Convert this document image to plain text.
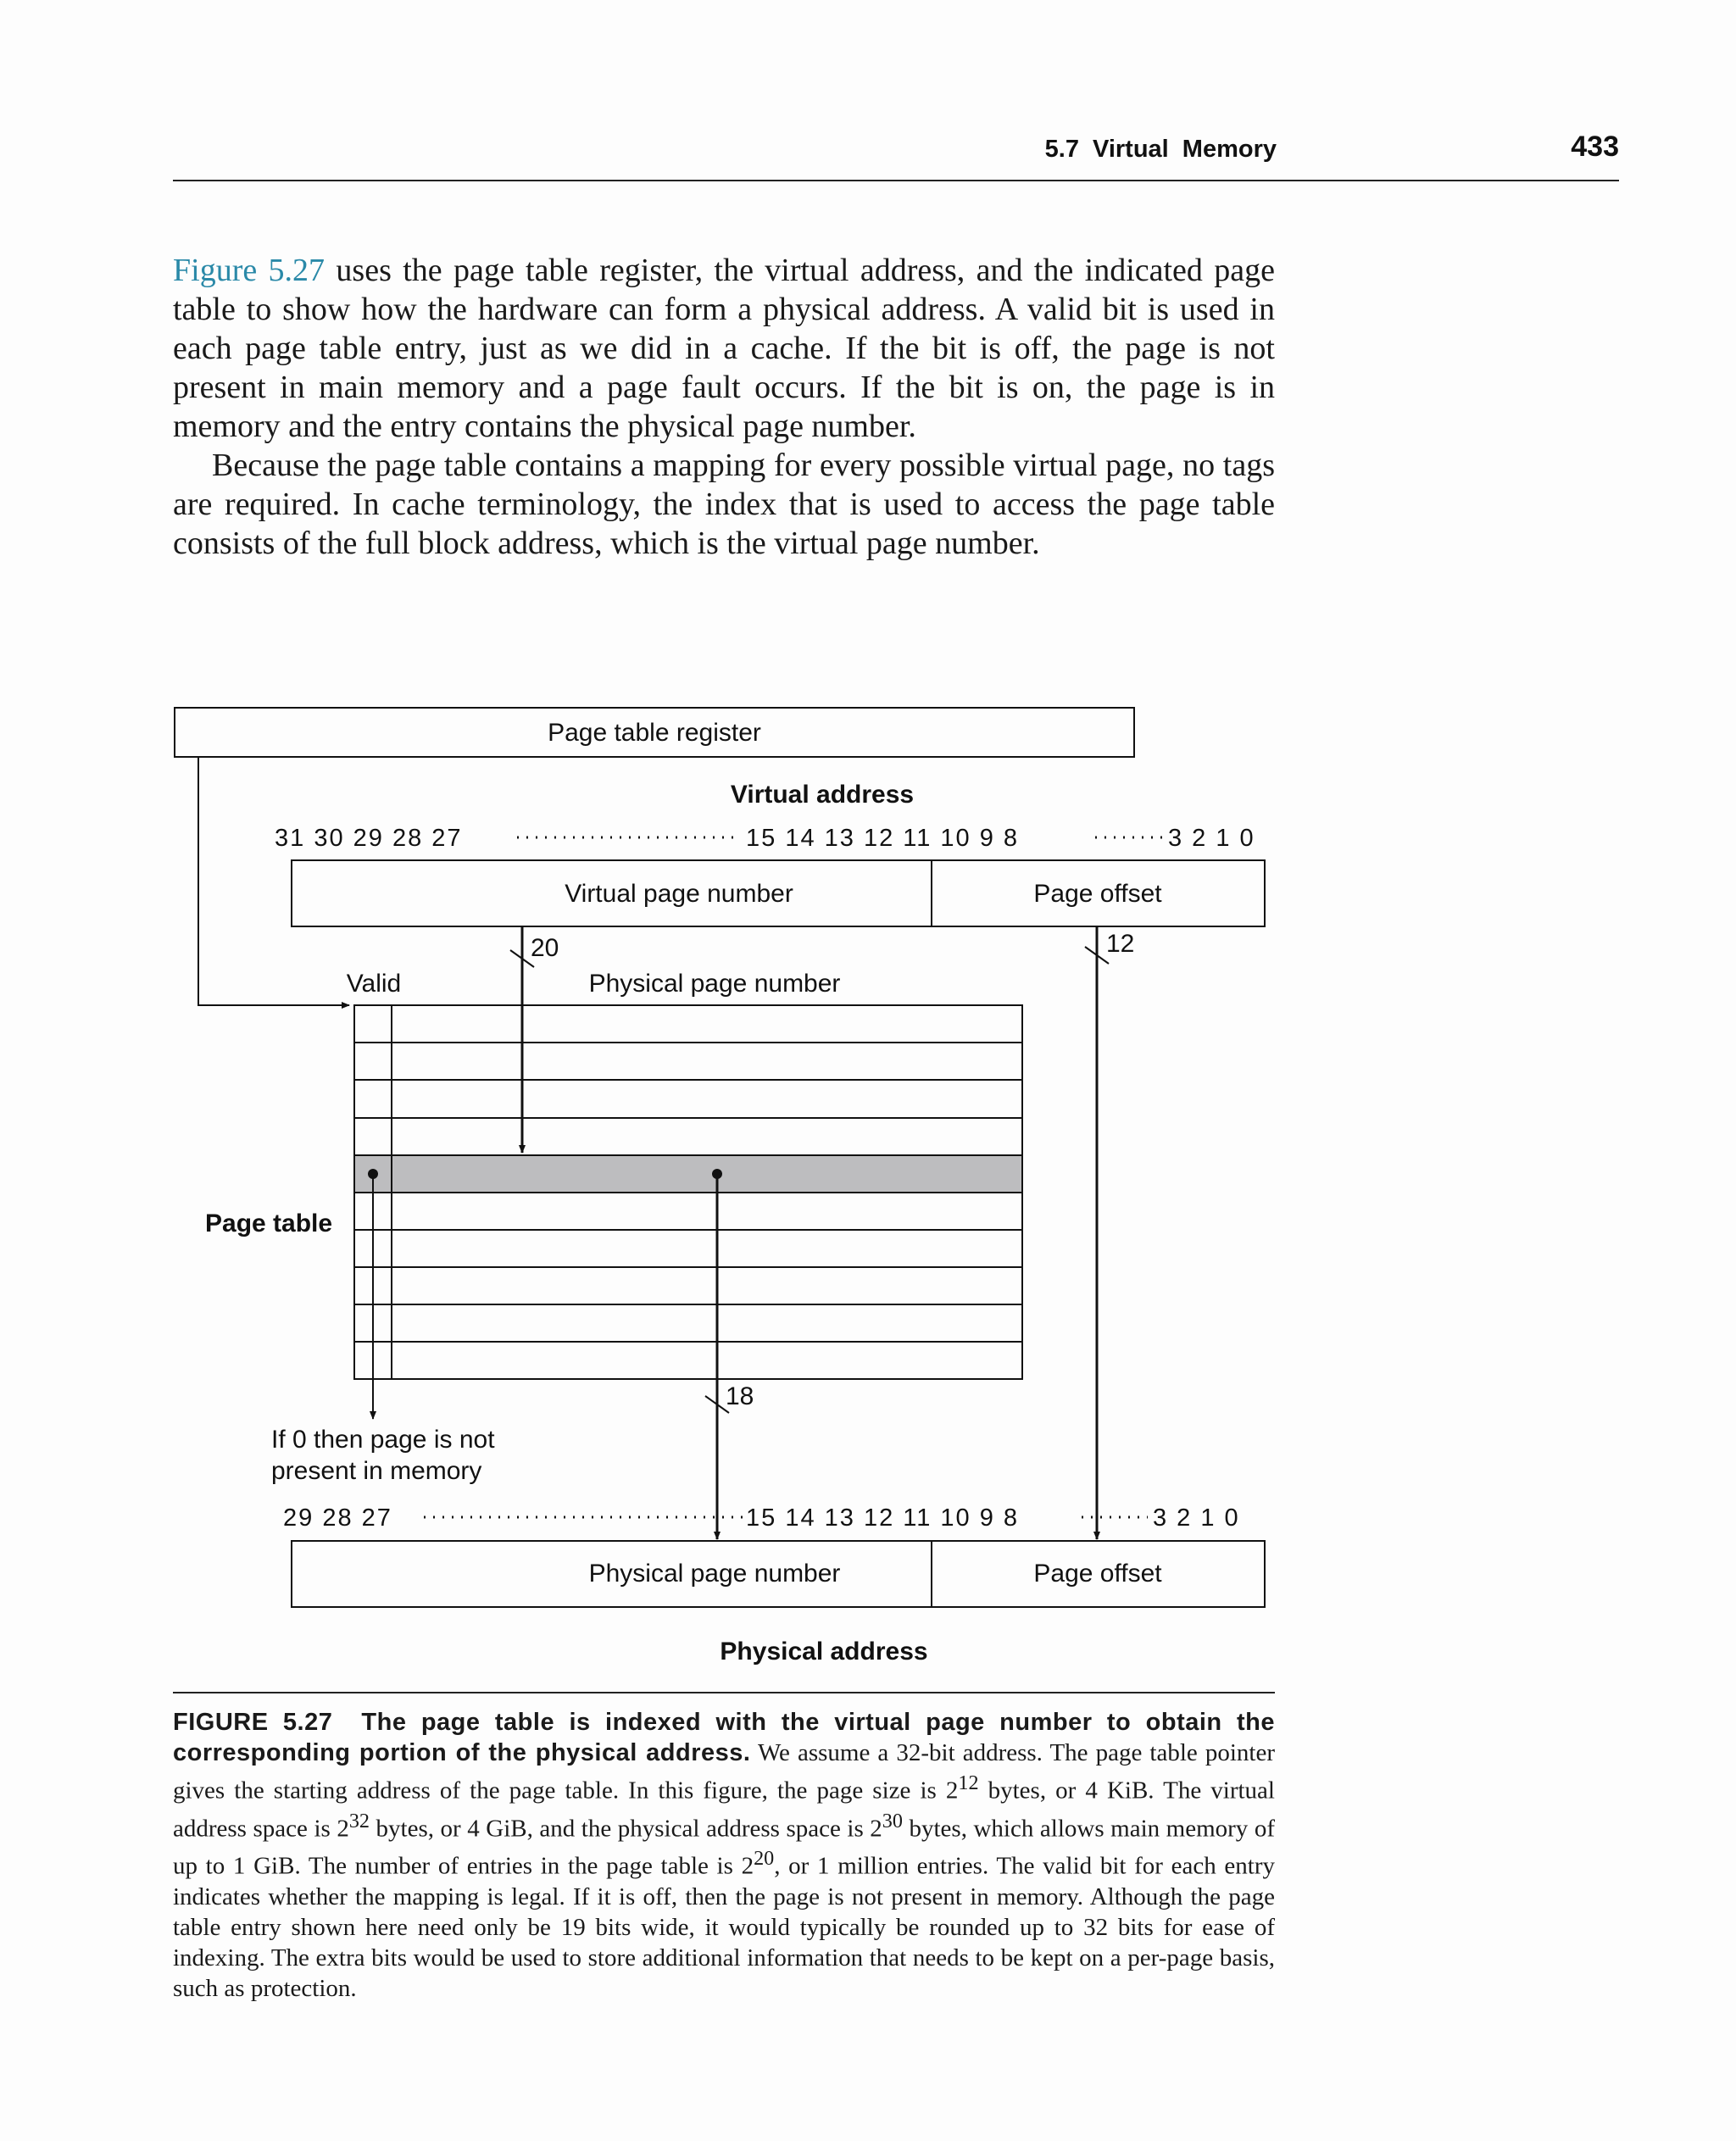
5.7 Virtual Memory	433

Figure 5.27 uses the page table register, the virtual address, and the indicated page table to show how the hardware can form a physical address. A valid bit is used in each page table entry, just as we did in a cache. If the bit is off, the page is not present in main memory and a page fault occurs. If the bit is on, the page is in memory and the entry contains the physical page number.

Because the page table contains a mapping for every possible virtual page, no tags are required. In cache terminology, the index that is used to access the page table consists of the full block address, which is the virtual page number.

Page table register
Virtual address
31 30 29 28 27	15 14 13 12 11 10 9 8	3 2 1 0
Virtual page number	Page offset
20	12
Valid	Physical page number
Page table
If 0 then page is not
present in memory
18
29 28 27	15 14 13 12 11 10 9 8	3 2 1 0
Physical page number	Page offset
Physical address
FIGURE 5.27 The page table is indexed with the virtual page number to obtain the corresponding portion of the physical address. We assume a 32-bit address. The page table pointer gives the starting address of the page table. In this figure, the page size is $2^{12}$ bytes, or 4 KiB. The virtual address space is $2^{32}$ bytes, or 4 GiB, and the physical address space is $2^{30}$ bytes, which allows main memory of up to 1 GiB. The number of entries in the page table is $2^{20}$, or 1 million entries. The valid bit for each entry indicates whether the mapping is legal. If it is off, then the page is not present in memory. Although the page table entry shown here need only be 19 bits wide, it would typically be rounded up to 32 bits for ease of indexing. The extra bits would be used to store additional information that needs to be kept on a per-page basis, such as protection.
